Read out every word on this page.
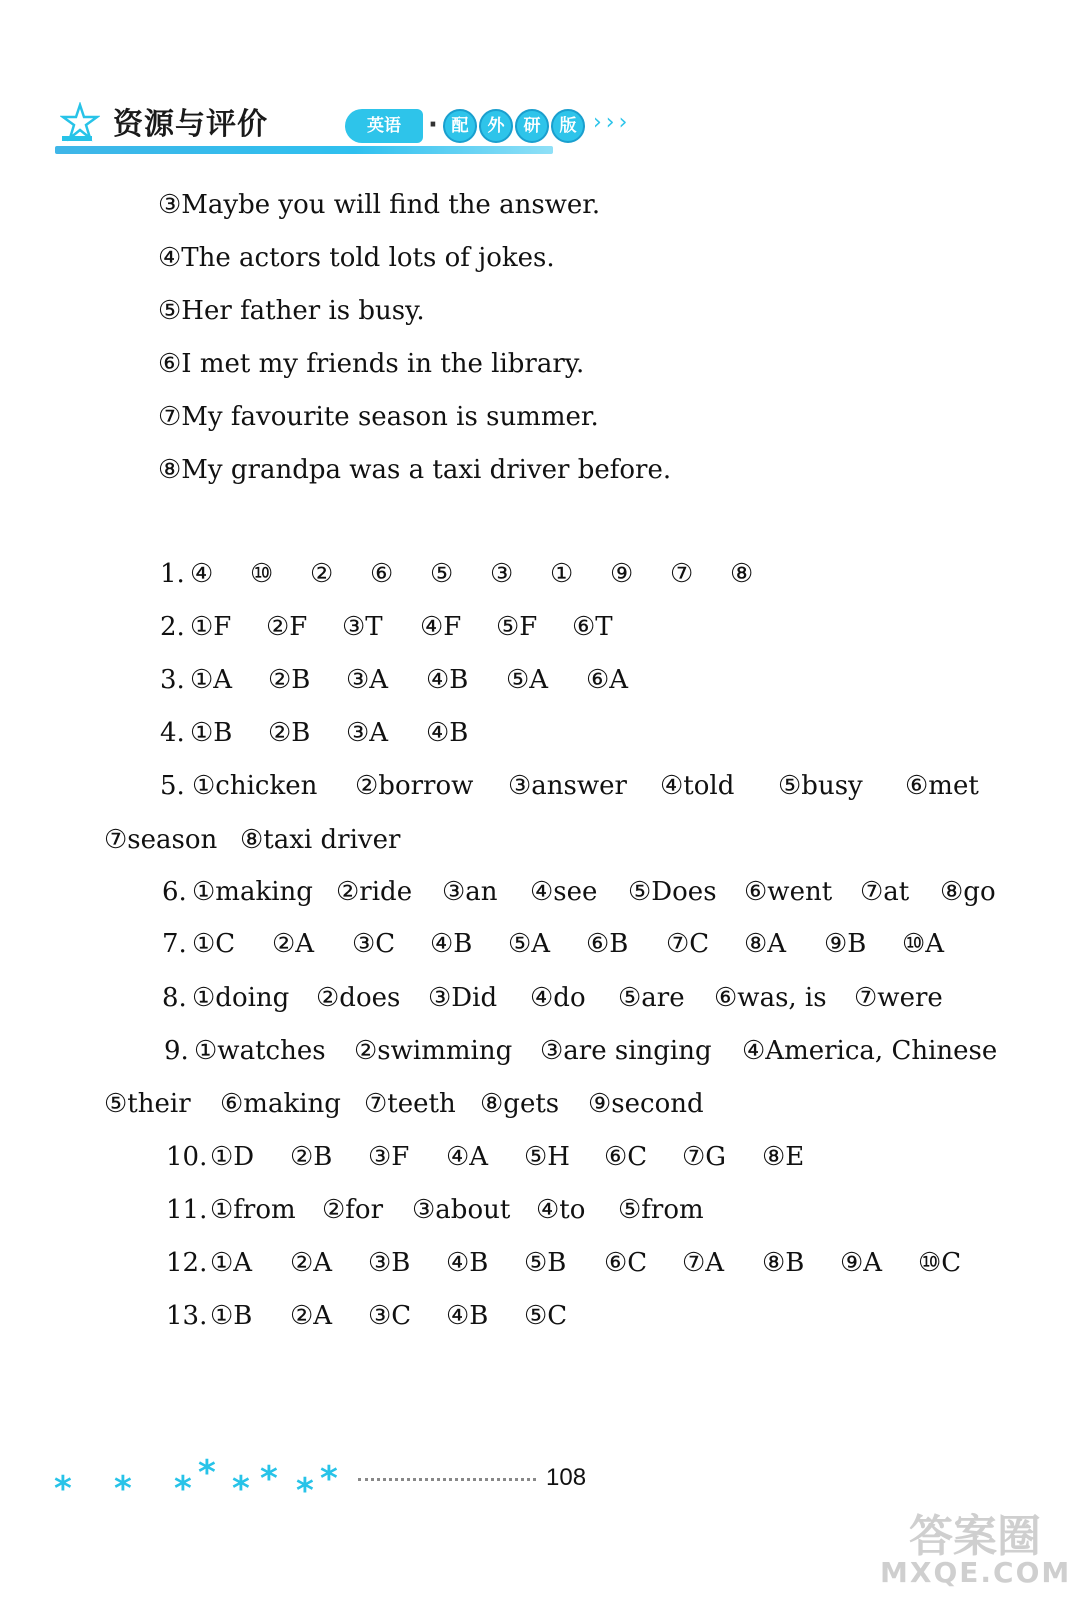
资源与评价	英语	· 配	外	研	版 ›››
③Maybe you will find the answer.
④The actors told lots of jokes.
⑤Her father is busy.
⑥I met my friends in the library.
⑦My favourite season is summer.
⑧My grandpa was a taxi driver before.
1. ④ ⑩ ② ⑥ ⑤ ③ ① ⑨ ⑦ ⑧
2. ①F ②F ③T ④F ⑤F ⑥T
3. ①A ②B ③A ④B ⑤A ⑥A
4. ①B ②B ③A ④B
5. ①chicken ②borrow ③answer ④told ⑤busy ⑥met
⑦season ⑧taxi driver
6. ①making ②ride ③an ④see ⑤Does ⑥went ⑦at ⑧go
7. ①C ②A ③C ④B ⑤A ⑥B ⑦C ⑧A ⑨B ⑩A
8. ①doing ②does ③Did ④do ⑤are ⑥was, is ⑦were
9. ①watches ②swimming ③are singing ④America, Chinese
⑤their ⑥making ⑦teeth ⑧gets ⑨second
10. ①D ②B ③F ④A ⑤H ⑥C ⑦G ⑧E
11. ①from ②for ③about ④to ⑤from
12. ①A ②A ③B ④B ⑤B ⑥C ⑦A ⑧B ⑨A ⑩C
13. ①B ②A ③C ④B ⑤C
* * * * * * * *	108
答案圈
MXQE.COM
